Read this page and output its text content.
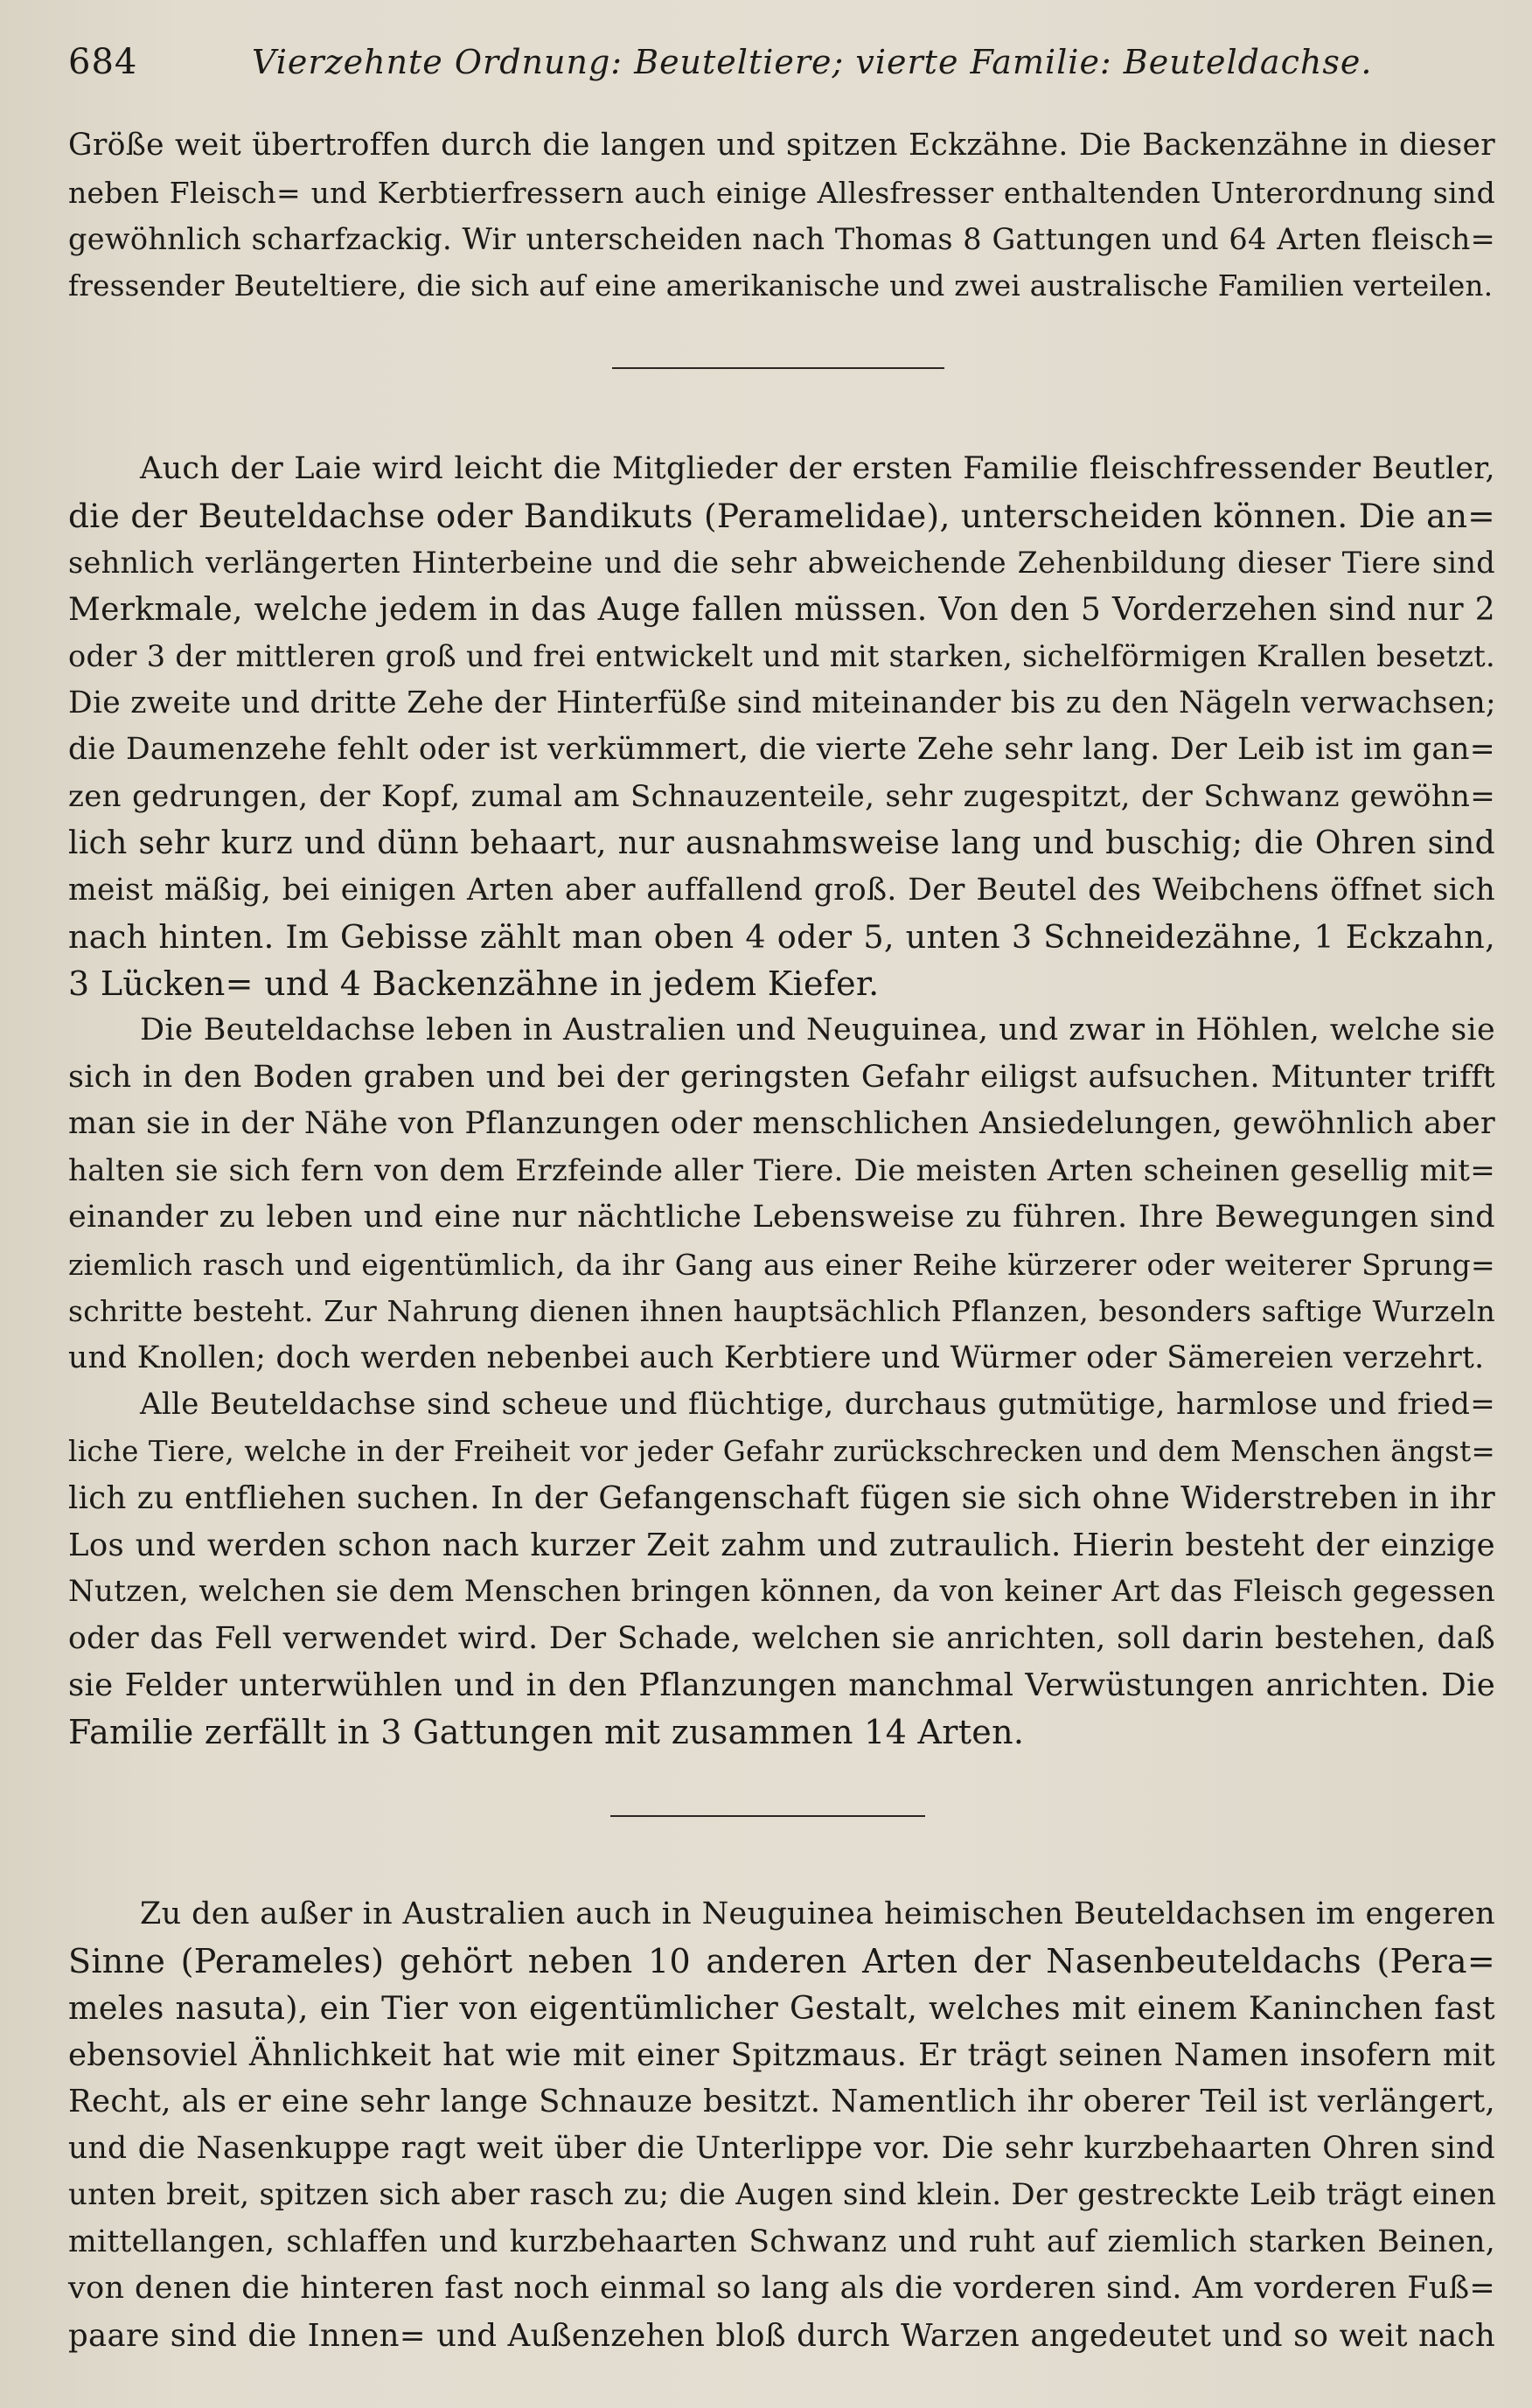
684	Vierzehnte Ordnung: Beuteltiere; vierte Familie: Beuteldachse.
Größe weit übertroffen durch die langen und spitzen Eckzähne. Die Backenzähne in dieser
neben Fleisch= und Kerbtierfressern auch einige Allesfresser enthaltenden Unterordnung sind
gewöhnlich scharfzackig. Wir unterscheiden nach Thomas 8 Gattungen und 64 Arten fleisch=
fressender Beuteltiere, die sich auf eine amerikanische und zwei australische Familien verteilen.
Auch der Laie wird leicht die Mitglieder der ersten Familie fleischfressender Beutler,
die der Beuteldachse oder Bandikuts (Peramelidae), unterscheiden können. Die an=
sehnlich verlängerten Hinterbeine und die sehr abweichende Zehenbildung dieser Tiere sind
Merkmale, welche jedem in das Auge fallen müssen. Von den 5 Vorderzehen sind nur 2
oder 3 der mittleren groß und frei entwickelt und mit starken, sichelförmigen Krallen besetzt.
Die zweite und dritte Zehe der Hinterfüße sind miteinander bis zu den Nägeln verwachsen;
die Daumenzehe fehlt oder ist verkümmert, die vierte Zehe sehr lang. Der Leib ist im gan=
zen gedrungen, der Kopf, zumal am Schnauzenteile, sehr zugespitzt, der Schwanz gewöhn=
lich sehr kurz und dünn behaart, nur ausnahmsweise lang und buschig; die Ohren sind
meist mäßig, bei einigen Arten aber auffallend groß. Der Beutel des Weibchens öffnet sich
nach hinten. Im Gebisse zählt man oben 4 oder 5, unten 3 Schneidezähne, 1 Eckzahn,
3 Lücken= und 4 Backenzähne in jedem Kiefer.
Die Beuteldachse leben in Australien und Neuguinea, und zwar in Höhlen, welche sie
sich in den Boden graben und bei der geringsten Gefahr eiligst aufsuchen. Mitunter trifft
man sie in der Nähe von Pflanzungen oder menschlichen Ansiedelungen, gewöhnlich aber
halten sie sich fern von dem Erzfeinde aller Tiere. Die meisten Arten scheinen gesellig mit=
einander zu leben und eine nur nächtliche Lebensweise zu führen. Ihre Bewegungen sind
ziemlich rasch und eigentümlich, da ihr Gang aus einer Reihe kürzerer oder weiterer Sprung=
schritte besteht. Zur Nahrung dienen ihnen hauptsächlich Pflanzen, besonders saftige Wurzeln
und Knollen; doch werden nebenbei auch Kerbtiere und Würmer oder Sämereien verzehrt.
Alle Beuteldachse sind scheue und flüchtige, durchaus gutmütige, harmlose und fried=
liche Tiere, welche in der Freiheit vor jeder Gefahr zurückschrecken und dem Menschen ängst=
lich zu entfliehen suchen. In der Gefangenschaft fügen sie sich ohne Widerstreben in ihr
Los und werden schon nach kurzer Zeit zahm und zutraulich. Hierin besteht der einzige
Nutzen, welchen sie dem Menschen bringen können, da von keiner Art das Fleisch gegessen
oder das Fell verwendet wird. Der Schade, welchen sie anrichten, soll darin bestehen, daß
sie Felder unterwühlen und in den Pflanzungen manchmal Verwüstungen anrichten. Die
Familie zerfällt in 3 Gattungen mit zusammen 14 Arten.
Zu den außer in Australien auch in Neuguinea heimischen Beuteldachsen im engeren
Sinne (Perameles) gehört neben 10 anderen Arten der Nasenbeuteldachs (Pera=
meles nasuta), ein Tier von eigentümlicher Gestalt, welches mit einem Kaninchen fast
ebensoviel Ähnlichkeit hat wie mit einer Spitzmaus. Er trägt seinen Namen insofern mit
Recht, als er eine sehr lange Schnauze besitzt. Namentlich ihr oberer Teil ist verlängert,
und die Nasenkuppe ragt weit über die Unterlippe vor. Die sehr kurzbehaarten Ohren sind
unten breit, spitzen sich aber rasch zu; die Augen sind klein. Der gestreckte Leib trägt einen
mittellangen, schlaffen und kurzbehaarten Schwanz und ruht auf ziemlich starken Beinen,
von denen die hinteren fast noch einmal so lang als die vorderen sind. Am vorderen Fuß=
paare sind die Innen= und Außenzehen bloß durch Warzen angedeutet und so weit nach
